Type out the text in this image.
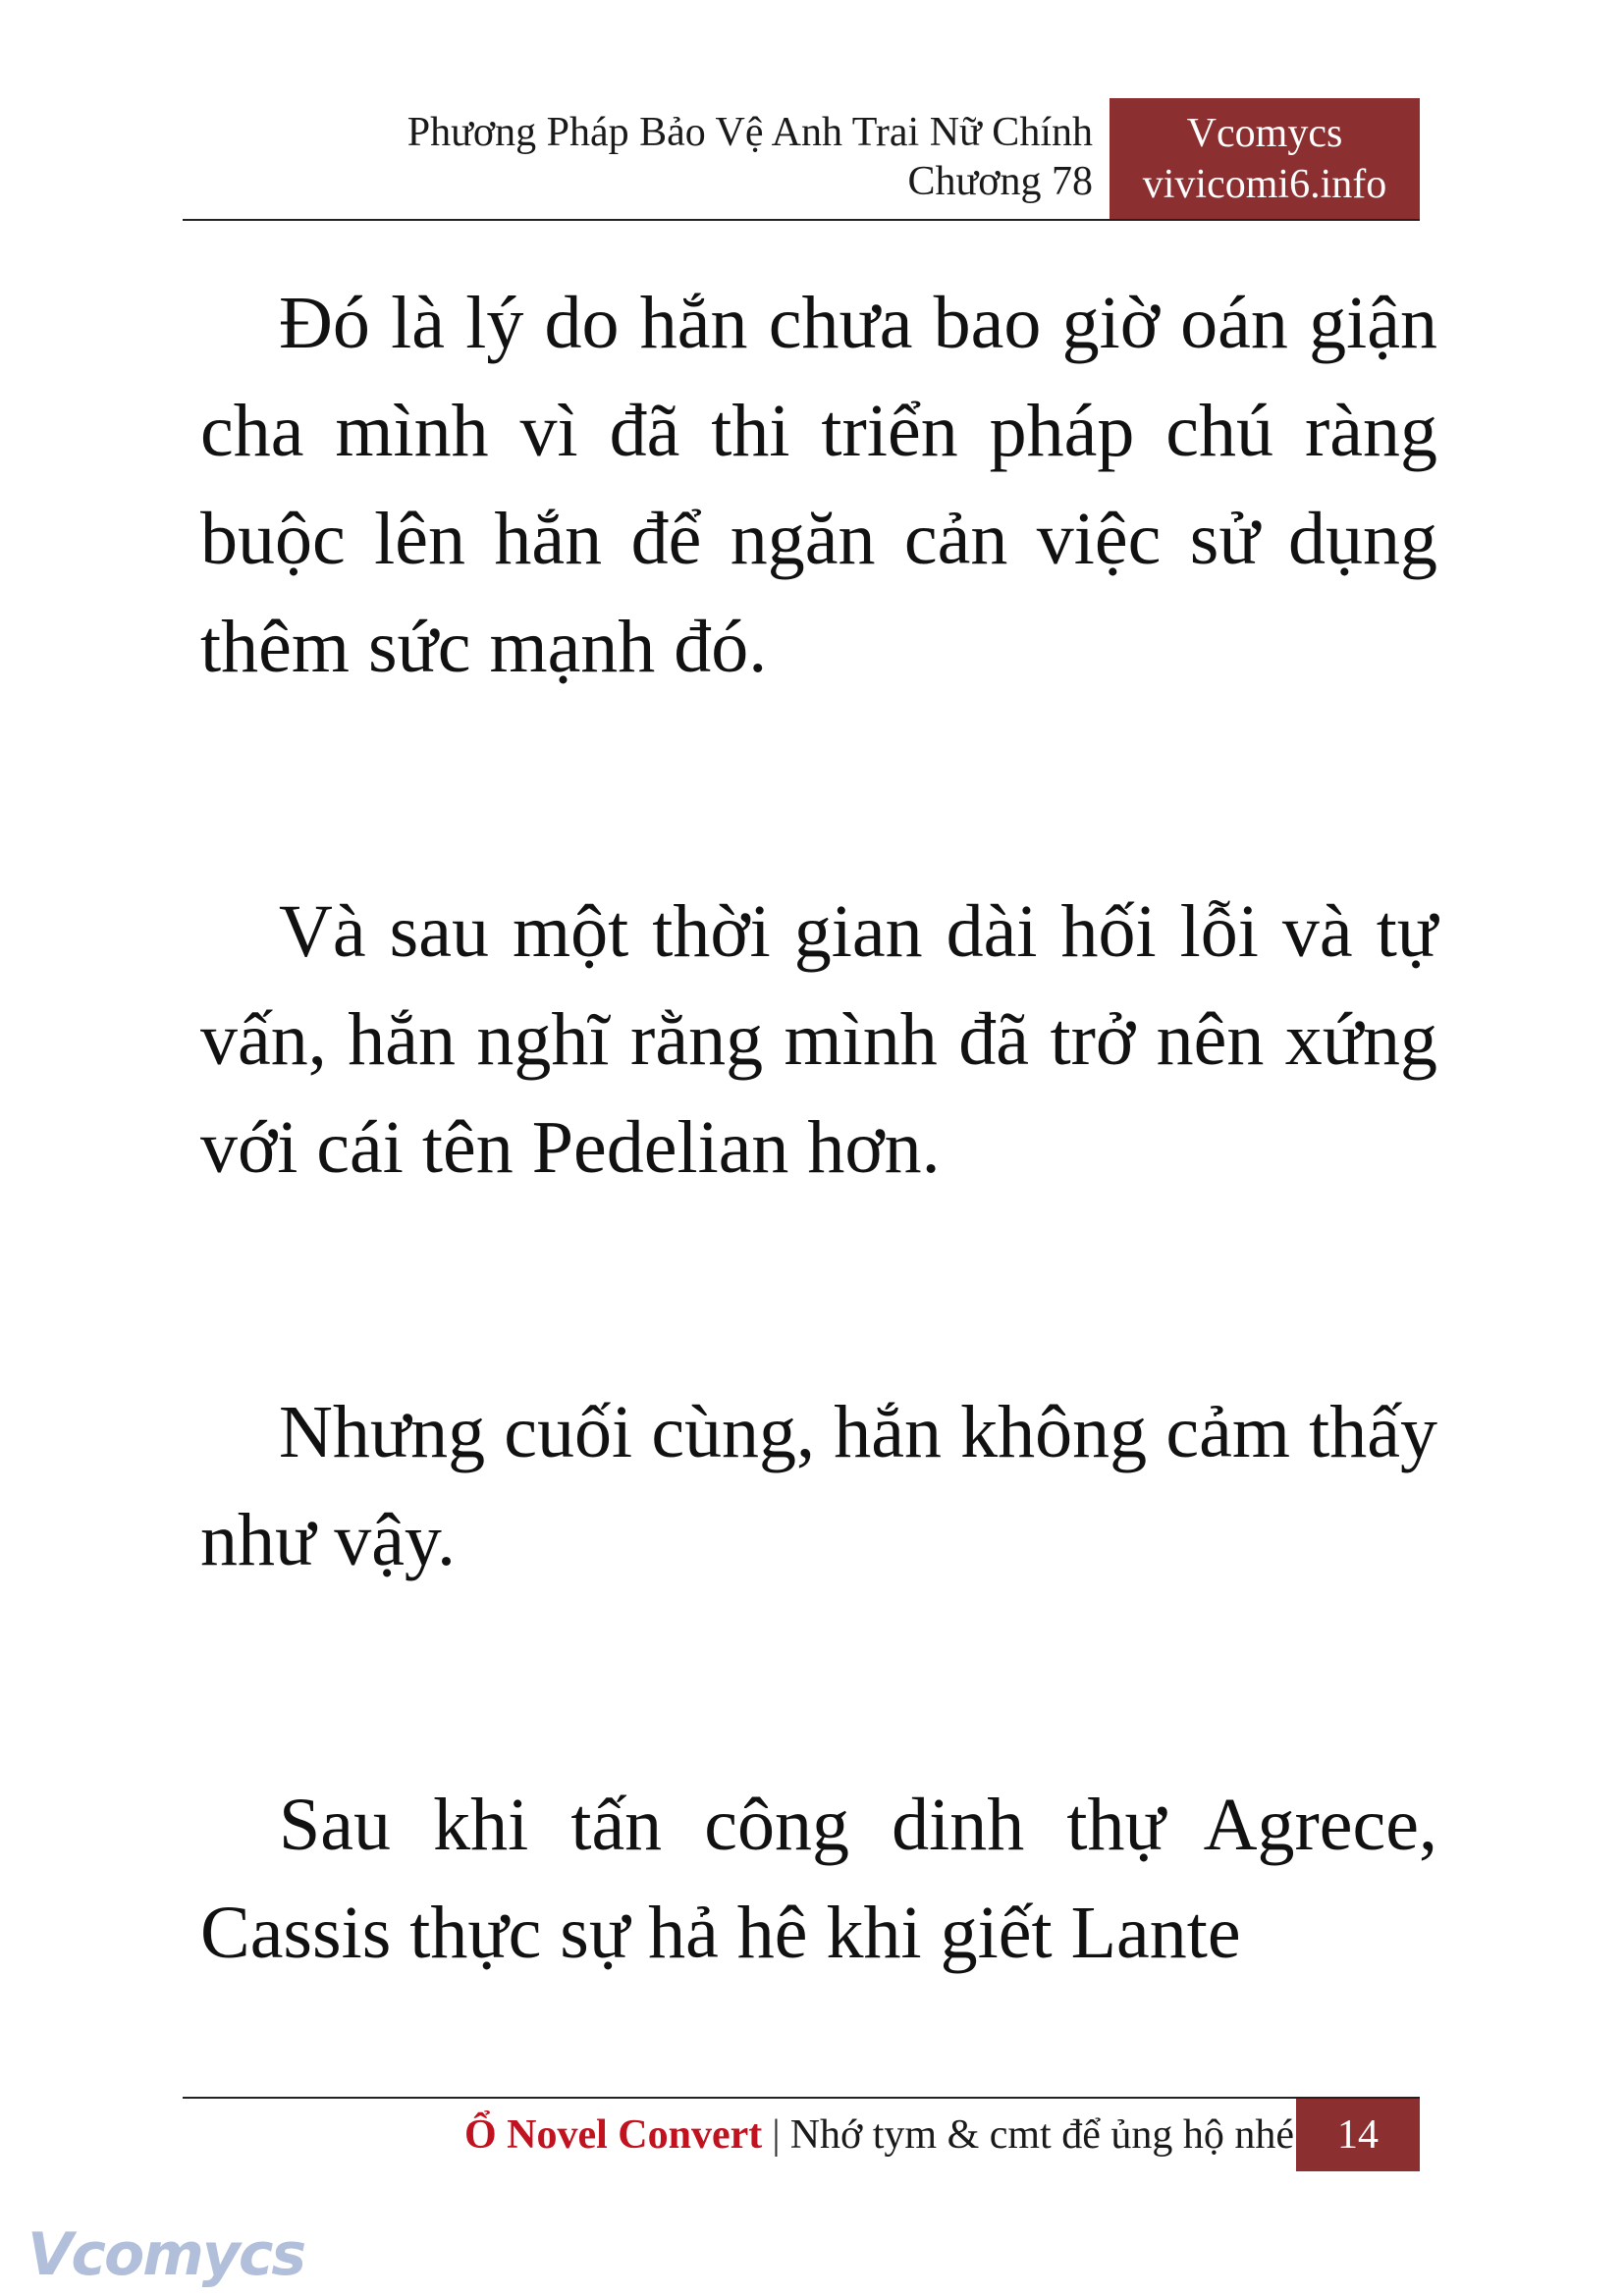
Phương Pháp Bảo Vệ Anh Trai Nữ Chính
Chương 78
Vcomycs
vivicomi6.info

Đó là lý do hắn chưa bao giờ oán giận cha mình vì đã thi triển pháp chú ràng buộc lên hắn để ngăn cản việc sử dụng thêm sức mạnh đó.

Và sau một thời gian dài hối lỗi và tự vấn, hắn nghĩ rằng mình đã trở nên xứng với cái tên Pedelian hơn.

Nhưng cuối cùng, hắn không cảm thấy như vậy.

Sau khi tấn công dinh thự Agrece, Cassis thực sự hả hê khi giết Lante

Ổ Novel Convert | Nhớ tym & cmt để ủng hộ nhé	14
Vcomycs
